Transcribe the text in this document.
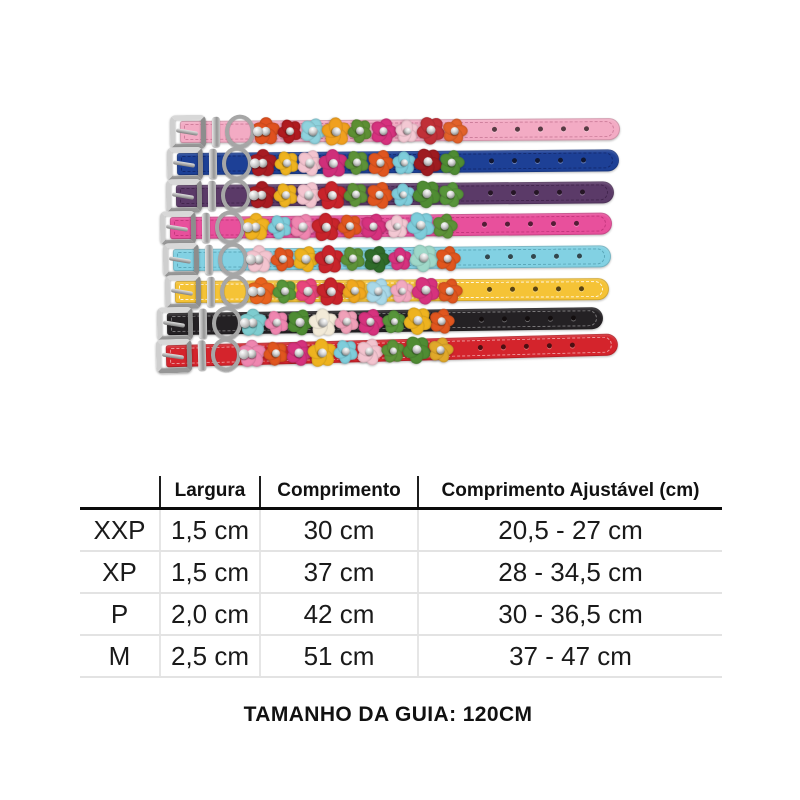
	Largura	Comprimento	Comprimento Ajustável (cm)
XXP	1,5 cm	30 cm	20,5 - 27 cm
XP	1,5 cm	37 cm	28 - 34,5 cm
P	2,0 cm	42 cm	30 - 36,5 cm
M	2,5 cm	51 cm	37 - 47 cm

TAMANHO DA GUIA: 120CM
